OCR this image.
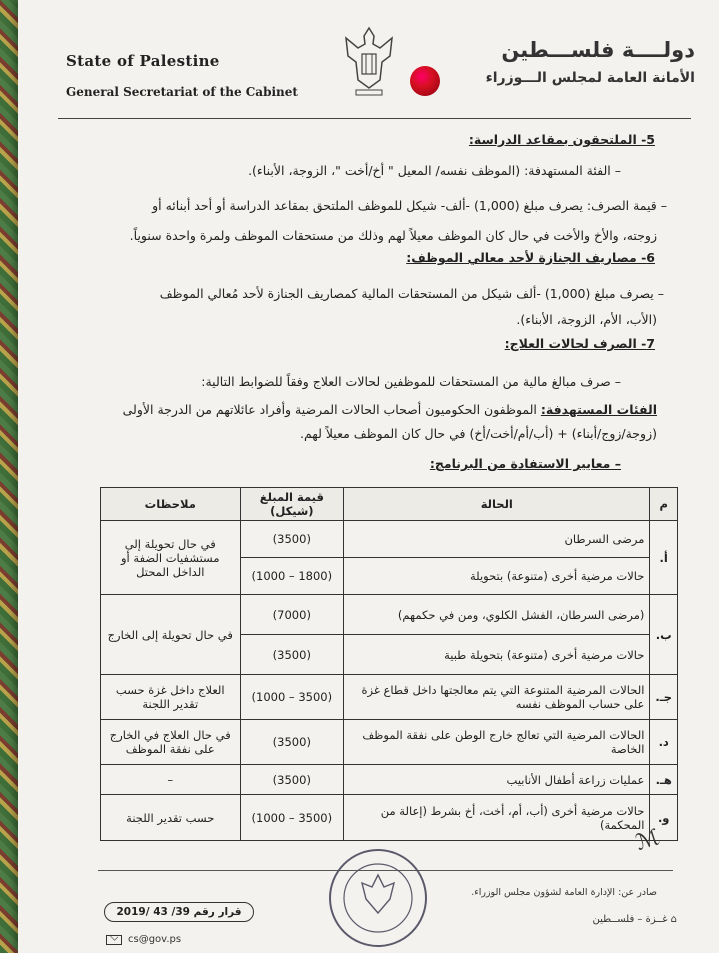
State of Palestine
General Secretariat of the Cabinet
دولــــة فلســـطين
الأمانة العامة لمجلس الـــوزراء
5- الملتحقون بمقاعد الدراسة:
– الفئة المستهدفة: (الموظف نفسه/ المعيل " أخ/أخت "، الزوجة، الأبناء).
– قيمة الصرف: يصرف مبلغ (1,000) -ألف- شيكل للموظف الملتحق بمقاعد الدراسة أو أحد أبنائه أو
زوجته، والأخ والأخت في حال كان الموظف معيلاً لهم وذلك من مستحقات الموظف ولمرة واحدة سنوياً.
6- مصاريف الجنازة لأحد معالي الموظف:
– يصرف مبلغ (1,000) -ألف شيكل من المستحقات المالية كمصاريف الجنازة لأحد مُعالي الموظف
(الأب، الأم، الزوجة، الأبناء).
7- الصرف لحالات العلاج:
– صرف مبالغ مالية من المستحقات للموظفين لحالات العلاج وفقاً للضوابط التالية:
الفئات المستهدفة: الموظفون الحكوميون أصحاب الحالات المرضية وأفراد عائلاتهم من الدرجة الأولى
(زوجة/زوج/أبناء) + (أب/أم/أخت/أخ) في حال كان الموظف معيلاً لهم.
– معايير الاستفادة من البرنامج:
م	الحالة	قيمة المبلغ (شيكل)	ملاحظات
أ.	مرضى السرطان	(3500)	في حال تحويلة إلى مستشفيات الضفة أو الداخل المحتل
	حالات مرضية أخرى (متنوعة) بتحويلة	(1800 – 1000)	
ب.	(مرضى السرطان، الفشل الكلوي، ومن في حكمهم)	(7000)	في حال تحويلة إلى الخارج
	حالات مرضية أخرى (متنوعة) بتحويلة طبية	(3500)	
جـ.	الحالات المرضية المتنوعة التي يتم معالجتها داخل قطاع غزة على حساب الموظف نفسه	(3500 – 1000)	العلاج داخل غزة حسب تقدير اللجنة
د.	الحالات المرضية التي تعالج خارج الوطن على نفقة الموظف الخاصة	(3500)	في حال العلاج في الخارج على نفقة الموظف
هـ.	عمليات زراعة أطفال الأنابيب	(3500)	–
و.	حالات مرضية أخرى (أب، أم، أخت، أخ بشرط (إعالة من المحكمة)	(3500 – 1000)	حسب تقدير اللجنة
ℳ
صادر عن: الإدارة العامة لشؤون مجلس الوزراء.
⌂ غــزة – فلســطين
قرار رقم 39/ 43 /2019
cs@gov.ps
